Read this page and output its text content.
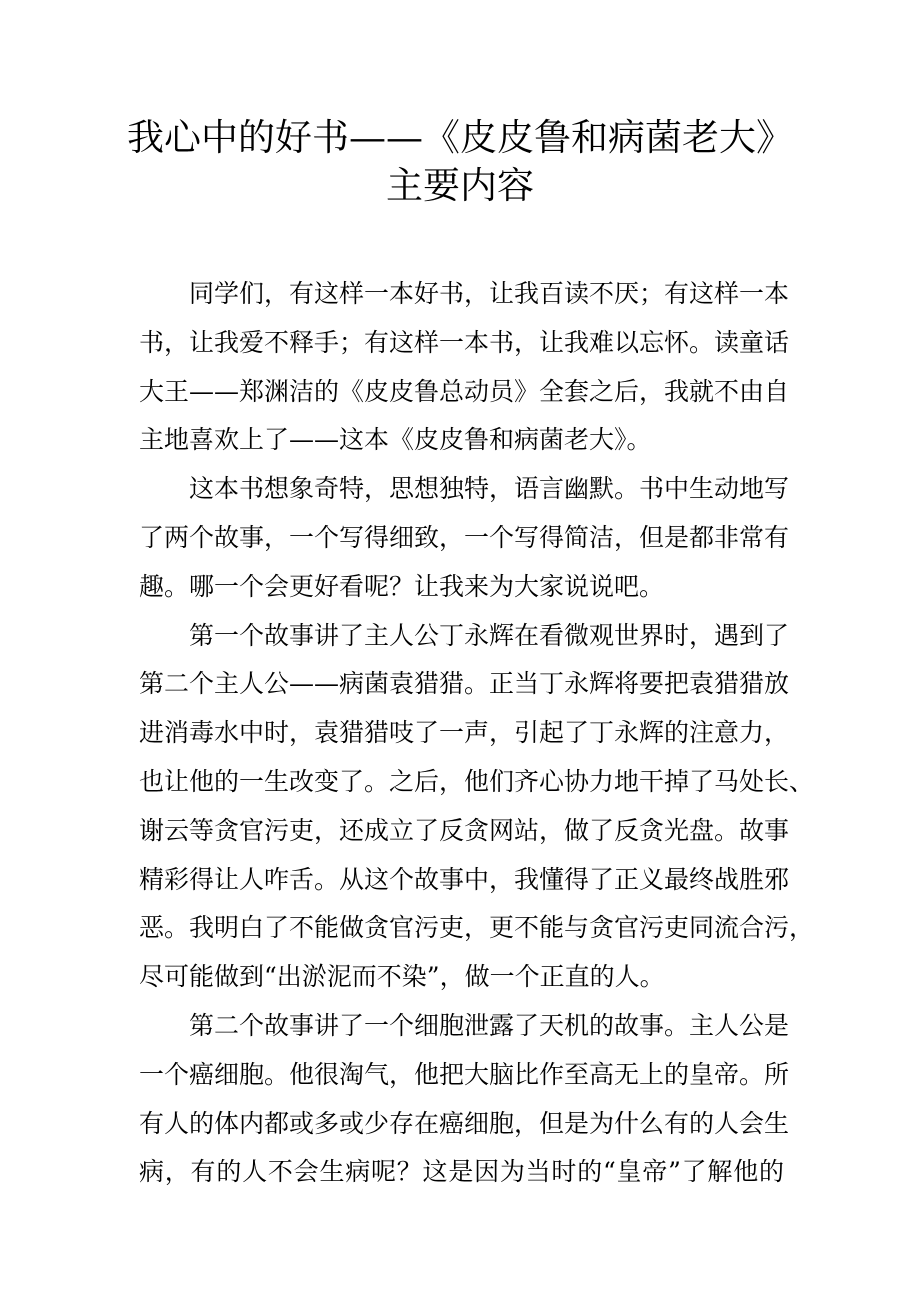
我心中的好书——《皮皮鲁和病菌老大》
主要内容
同学们，有这样一本好书，让我百读不厌；有这样一本
书，让我爱不释手；有这样一本书，让我难以忘怀。读童话
大王——郑渊洁的《皮皮鲁总动员》全套之后，我就不由自
主地喜欢上了——这本《皮皮鲁和病菌老大》。
这本书想象奇特，思想独特，语言幽默。书中生动地写
了两个故事，一个写得细致，一个写得简洁，但是都非常有
趣。哪一个会更好看呢？让我来为大家说说吧。
第一个故事讲了主人公丁永辉在看微观世界时，遇到了
第二个主人公——病菌袁猎猎。正当丁永辉将要把袁猎猎放
进消毒水中时，袁猎猎吱了一声，引起了丁永辉的注意力，
也让他的一生改变了。之后，他们齐心协力地干掉了马处长、
谢云等贪官污吏，还成立了反贪网站，做了反贪光盘。故事
精彩得让人咋舌。从这个故事中，我懂得了正义最终战胜邪
恶。我明白了不能做贪官污吏，更不能与贪官污吏同流合污，
尽可能做到“出淤泥而不染”，做一个正直的人。
第二个故事讲了一个细胞泄露了天机的故事。主人公是
一个癌细胞。他很淘气，他把大脑比作至高无上的皇帝。所
有人的体内都或多或少存在癌细胞，但是为什么有的人会生
病，有的人不会生病呢？这是因为当时的“皇帝”了解他的
